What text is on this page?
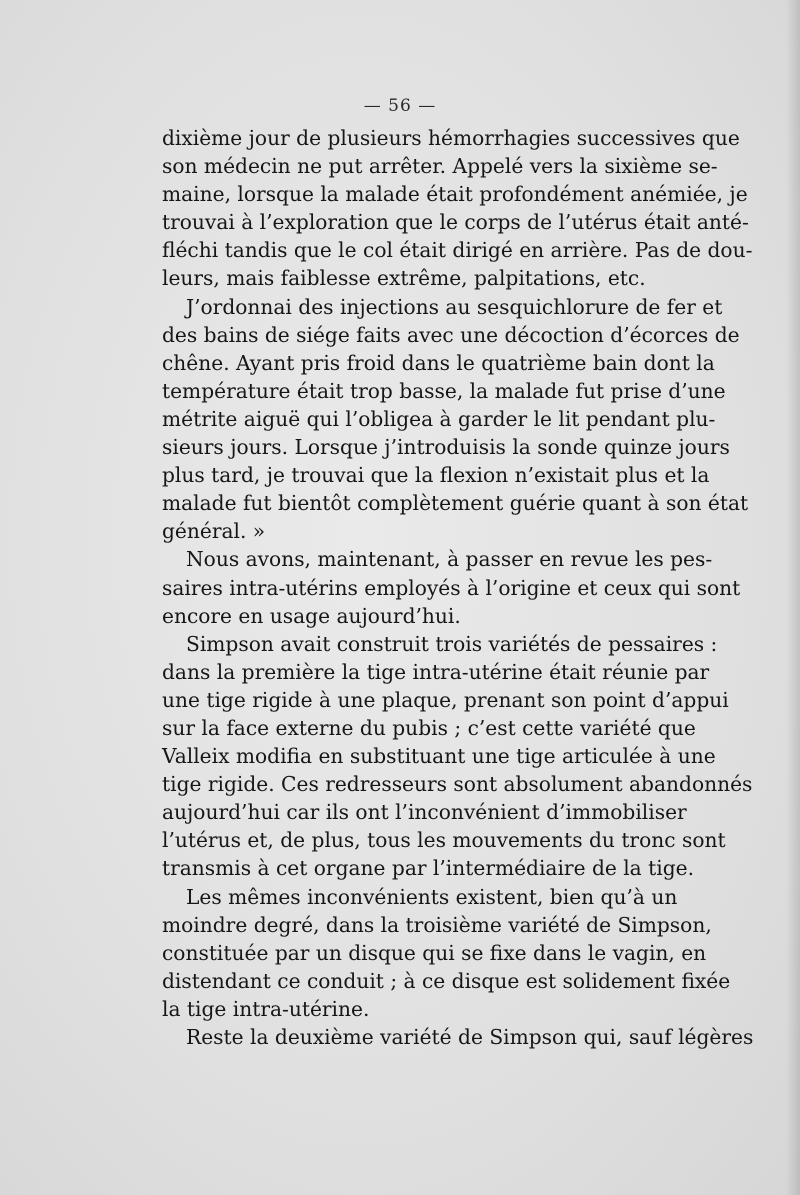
— 56 —
dixième jour de plusieurs hémorrhagies successives que
son médecin ne put arrêter. Appelé vers la sixième se-
maine, lorsque la malade était profondément anémiée, je
trouvai à l’exploration que le corps de l’utérus était anté-
fléchi tandis que le col était dirigé en arrière. Pas de dou-
leurs, mais faiblesse extrême, palpitations, etc.
J’ordonnai des injections au sesquichlorure de fer et
des bains de siége faits avec une décoction d’écorces de
chêne. Ayant pris froid dans le quatrième bain dont la
température était trop basse, la malade fut prise d’une
métrite aiguë qui l’obligea à garder le lit pendant plu-
sieurs jours. Lorsque j’introduisis la sonde quinze jours
plus tard, je trouvai que la flexion n’existait plus et la
malade fut bientôt complètement guérie quant à son état
général. »
Nous avons, maintenant, à passer en revue les pes-
saires intra-utérins employés à l’origine et ceux qui sont
encore en usage aujourd’hui.
Simpson avait construit trois variétés de pessaires :
dans la première la tige intra-utérine était réunie par
une tige rigide à une plaque, prenant son point d’appui
sur la face externe du pubis ; c’est cette variété que
Valleix modifia en substituant une tige articulée à une
tige rigide. Ces redresseurs sont absolument abandonnés
aujourd’hui car ils ont l’inconvénient d’immobiliser
l’utérus et, de plus, tous les mouvements du tronc sont
transmis à cet organe par l’intermédiaire de la tige.
Les mêmes inconvénients existent, bien qu’à un
moindre degré, dans la troisième variété de Simpson,
constituée par un disque qui se fixe dans le vagin, en
distendant ce conduit ; à ce disque est solidement fixée
la tige intra-utérine.
Reste la deuxième variété de Simpson qui, sauf légères
